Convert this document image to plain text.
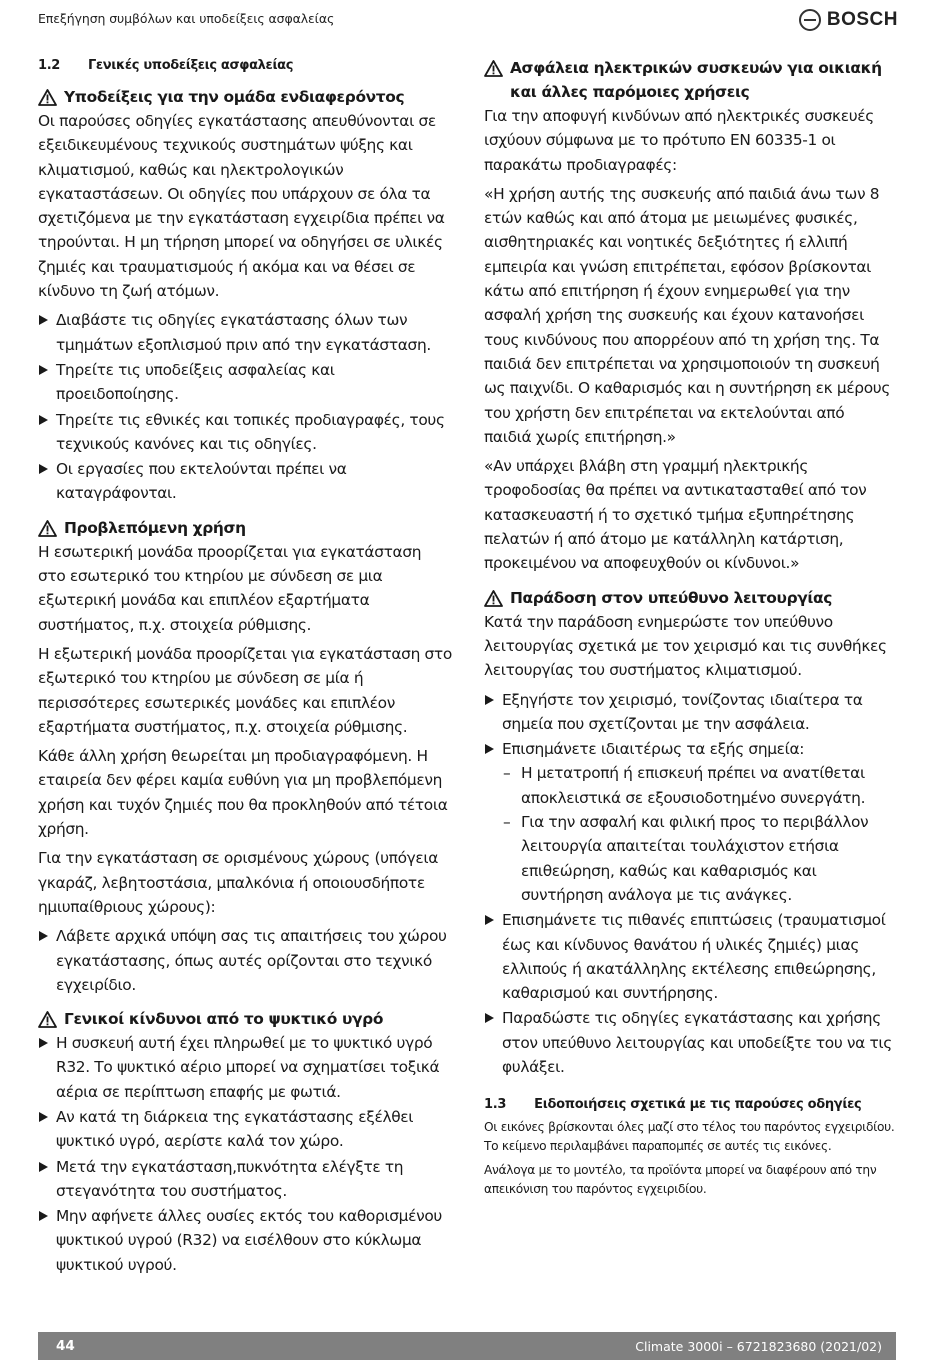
Επεξήγηση συμβόλων και υποδείξεις ασφαλείας	BOSCH
1.2 Γενικές υποδείξεις ασφαλείας
Υποδείξεις για την ομάδα ενδιαφερόντος

Οι παρούσες οδηγίες εγκατάστασης απευθύνονται σε εξειδικευμένους τεχνικούς συστημάτων ψύξης και κλιματισμού, καθώς και ηλεκτρολογικών εγκαταστάσεων. Οι οδηγίες που υπάρχουν σε όλα τα σχετιζόμενα με την εγκατάσταση εγχειρίδια πρέπει να τηρούνται. Η μη τήρηση μπορεί να οδηγήσει σε υλικές ζημιές και τραυματισμούς ή ακόμα και να θέσει σε κίνδυνο τη ζωή ατόμων.

Διαβάστε τις οδηγίες εγκατάστασης όλων των τμημάτων εξοπλισμού πριν από την εγκατάσταση.
Τηρείτε τις υποδείξεις ασφαλείας και προειδοποίησης.
Τηρείτε τις εθνικές και τοπικές προδιαγραφές, τους τεχνικούς κανόνες και τις οδηγίες.
Οι εργασίες που εκτελούνται πρέπει να καταγράφονται.
Προβλεπόμενη χρήση

Η εσωτερική μονάδα προορίζεται για εγκατάσταση στο εσωτερικό του κτηρίου με σύνδεση σε μια εξωτερική μονάδα και επιπλέον εξαρτήματα συστήματος, π.χ. στοιχεία ρύθμισης.

Η εξωτερική μονάδα προορίζεται για εγκατάσταση στο εξωτερικό του κτηρίου με σύνδεση σε μία ή περισσότερες εσωτερικές μονάδες και επιπλέον εξαρτήματα συστήματος, π.χ. στοιχεία ρύθμισης.

Κάθε άλλη χρήση θεωρείται μη προδιαγραφόμενη. Η εταιρεία δεν φέρει καμία ευθύνη για μη προβλεπόμενη χρήση και τυχόν ζημιές που θα προκληθούν από τέτοια χρήση.

Για την εγκατάσταση σε ορισμένους χώρους (υπόγεια γκαράζ, λεβητοστάσια, μπαλκόνια ή οποιουσδήποτε ημιυπαίθριους χώρους):

Λάβετε αρχικά υπόψη σας τις απαιτήσεις του χώρου εγκατάστασης, όπως αυτές ορίζονται στο τεχνικό εγχειρίδιο.
Γενικοί κίνδυνοι από το ψυκτικό υγρό
Η συσκευή αυτή έχει πληρωθεί με το ψυκτικό υγρό R32. Το ψυκτικό αέριο μπορεί να σχηματίσει τοξικά αέρια σε περίπτωση επαφής με φωτιά.
Αν κατά τη διάρκεια της εγκατάστασης εξέλθει ψυκτικό υγρό, αερίστε καλά τον χώρο.
Μετά την εγκατάσταση,πυκνότητα ελέγξτε τη στεγανότητα του συστήματος.
Μην αφήνετε άλλες ουσίες εκτός του καθορισμένου ψυκτικού υγρού (R32) να εισέλθουν στο κύκλωμα ψυκτικού υγρού.
Ασφάλεια ηλεκτρικών συσκευών για οικιακή και άλλες παρόμοιες χρήσεις

Για την αποφυγή κινδύνων από ηλεκτρικές συσκευές ισχύουν σύμφωνα με το πρότυπο EN 60335-1 οι παρακάτω προδιαγραφές:

«Η χρήση αυτής της συσκευής από παιδιά άνω των 8 ετών καθώς και από άτομα με μειωμένες φυσικές, αισθητηριακές και νοητικές δεξιότητες ή ελλιπή εμπειρία και γνώση επιτρέπεται, εφόσον βρίσκονται κάτω από επιτήρηση ή έχουν ενημερωθεί για την ασφαλή χρήση της συσκευής και έχουν κατανοήσει τους κινδύνους που απορρέουν από τη χρήση της. Τα παιδιά δεν επιτρέπεται να χρησιμοποιούν τη συσκευή ως παιχνίδι. Ο καθαρισμός και η συντήρηση εκ μέρους του χρήστη δεν επιτρέπεται να εκτελούνται από παιδιά χωρίς επιτήρηση.»

«Αν υπάρχει βλάβη στη γραμμή ηλεκτρικής τροφοδοσίας θα πρέπει να αντικατασταθεί από τον κατασκευαστή ή το σχετικό τμήμα εξυπηρέτησης πελατών ή από άτομο με κατάλληλη κατάρτιση, προκειμένου να αποφευχθούν οι κίνδυνοι.»

Παράδοση στον υπεύθυνο λειτουργίας

Κατά την παράδοση ενημερώστε τον υπεύθυνο λειτουργίας σχετικά με τον χειρισμό και τις συνθήκες λειτουργίας του συστήματος κλιματισμού.

Εξηγήστε τον χειρισμό, τονίζοντας ιδιαίτερα τα σημεία που σχετίζονται με την ασφάλεια.
Επισημάνετε ιδιαιτέρως τα εξής σημεία:
– Η μετατροπή ή επισκευή πρέπει να ανατίθεται αποκλειστικά σε εξουσιοδοτημένο συνεργάτη.
– Για την ασφαλή και φιλική προς το περιβάλλον λειτουργία απαιτείται τουλάχιστον ετήσια επιθεώρηση, καθώς και καθαρισμός και συντήρηση ανάλογα με τις ανάγκες.
Επισημάνετε τις πιθανές επιπτώσεις (τραυματισμοί έως και κίνδυνος θανάτου ή υλικές ζημιές) μιας ελλιπούς ή ακατάλληλης εκτέλεσης επιθεώρησης, καθαρισμού και συντήρησης.
Παραδώστε τις οδηγίες εγκατάστασης και χρήσης στον υπεύθυνο λειτουργίας και υποδείξτε του να τις φυλάξει.
1.3 Ειδοποιήσεις σχετικά με τις παρούσες οδηγίες

Οι εικόνες βρίσκονται όλες μαζί στο τέλος του παρόντος εγχειριδίου. Το κείμενο περιλαμβάνει παραπομπές σε αυτές τις εικόνες.

Ανάλογα με το μοντέλο, τα προϊόντα μπορεί να διαφέρουν από την απεικόνιση του παρόντος εγχειριδίου.

44	Climate 3000i – 6721823680 (2021/02)
